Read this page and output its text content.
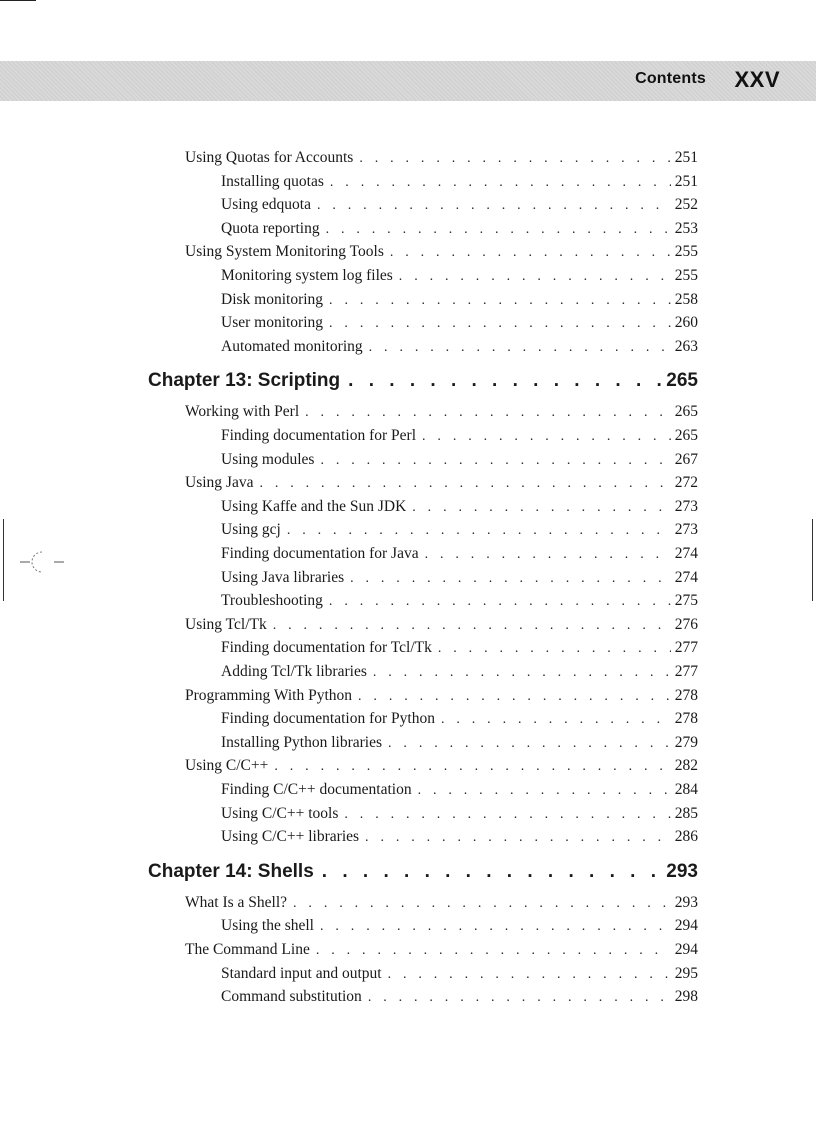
Contents XXV
Using Quotas for Accounts . . .	251
Installing quotas . . .	251
Using edquota . . .	252
Quota reporting . . .	253
Using System Monitoring Tools . . .	255
Monitoring system log files . . .	255
Disk monitoring . . .	258
User monitoring . . .	260
Automated monitoring . . .	263
Chapter 13: Scripting . . .	265
Working with Perl . . .	265
Finding documentation for Perl . . .	265
Using modules . . .	267
Using Java . . .	272
Using Kaffe and the Sun JDK . . .	273
Using gcj . . .	273
Finding documentation for Java . . .	274
Using Java libraries . . .	274
Troubleshooting . . .	275
Using Tcl/Tk . . .	276
Finding documentation for Tcl/Tk . . .	277
Adding Tcl/Tk libraries . . .	277
Programming With Python . . .	278
Finding documentation for Python . . .	278
Installing Python libraries . . .	279
Using C/C++ . . .	282
Finding C/C++ documentation . . .	284
Using C/C++ tools . . .	285
Using C/C++ libraries . . .	286
Chapter 14: Shells . . .	293
What Is a Shell? . . .	293
Using the shell . . .	294
The Command Line . . .	294
Standard input and output . . .	295
Command substitution . . .	298
